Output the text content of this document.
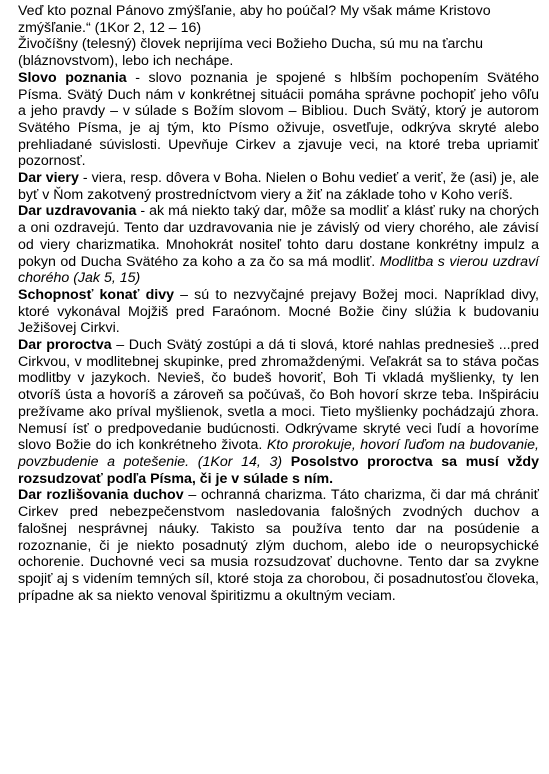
Veď kto poznal Pánovo zmýšľanie, aby ho poúčal? My však máme Kristovo zmýšľanie.“ (1Kor 2, 12 – 16)

Živočíšny (telesný) človek neprijíma veci Božieho Ducha, sú mu na ťarchu (bláznovstvom), lebo ich nechápe.

Slovo poznania - slovo poznania je spojené s hlbším pochopením Svätého Písma. Svätý Duch nám v konkrétnej situácii pomáha správne pochopiť jeho vôľu a jeho pravdy – v súlade s Božím slovom – Bibliou. Duch Svätý, ktorý je autorom Svätého Písma, je aj tým, kto Písmo oživuje, osvetľuje, odkrýva skryté alebo prehliadané súvislosti. Upevňuje Cirkev a zjavuje veci, na ktoré treba upriamiť pozornosť.

Dar viery - viera, resp. dôvera v Boha. Nielen o Bohu vedieť a veriť, že (asi) je, ale byť v Ňom zakotvený prostredníctvom viery a žiť na základe toho v Koho veríš.

Dar uzdravovania - ak má niekto taký dar, môže sa modliť a klásť ruky na chorých a oni ozdravejú. Tento dar uzdravovania nie je závislý od viery chorého, ale závisí od viery charizmatika. Mnohokrát nositeľ tohto daru dostane konkrétny impulz a pokyn od Ducha Svätého za koho a za čo sa má modliť. Modlitba s vierou uzdraví chorého (Jak 5, 15)

Schopnosť konať divy – sú to nezvyčajné prejavy Božej moci. Napríklad divy, ktoré vykonával Mojžiš pred Faraónom. Mocné Božie činy slúžia k budovaniu Ježišovej Cirkvi.

Dar proroctva – Duch Svätý zostúpi a dá ti slová, ktoré nahlas prednesieš ...pred Cirkvou, v modlitebnej skupinke, pred zhromaždenými. Veľakrát sa to stáva počas modlitby v jazykoch. Nevieš, čo budeš hovoriť, Boh Ti vkladá myšlienky, ty len otvoríš ústa a hovoríš a zároveň sa počúvaš, čo Boh hovorí skrze teba. Inšpiráciu prežívame ako príval myšlienok, svetla a moci. Tieto myšlienky pochádzajú zhora. Nemusí ísť o predpovedanie budúcnosti. Odkrývame skryté veci ľudí a hovoríme slovo Božie do ich konkrétneho života. Kto prorokuje, hovorí ľuďom na budovanie, povzbudenie a potešenie. (1Kor 14, 3) Posolstvo proroctva sa musí vždy rozsudzovať podľa Písma, či je v súlade s ním.

Dar rozlišovania duchov – ochranná charizma. Táto charizma, či dar má chrániť Cirkev pred nebezpečenstvom nasledovania falošných zvodných duchov a falošnej nesprávnej náuky. Takisto sa používa tento dar na posúdenie a rozoznanie, či je niekto posadnutý zlým duchom, alebo ide o neuropsychické ochorenie. Duchovné veci sa musia rozsudzovať duchovne. Tento dar sa zvykne spojiť aj s videním temných síl, ktoré stoja za chorobou, či posadnutosťou človeka, prípadne ak sa niekto venoval špiritizmu a okultným veciam.
